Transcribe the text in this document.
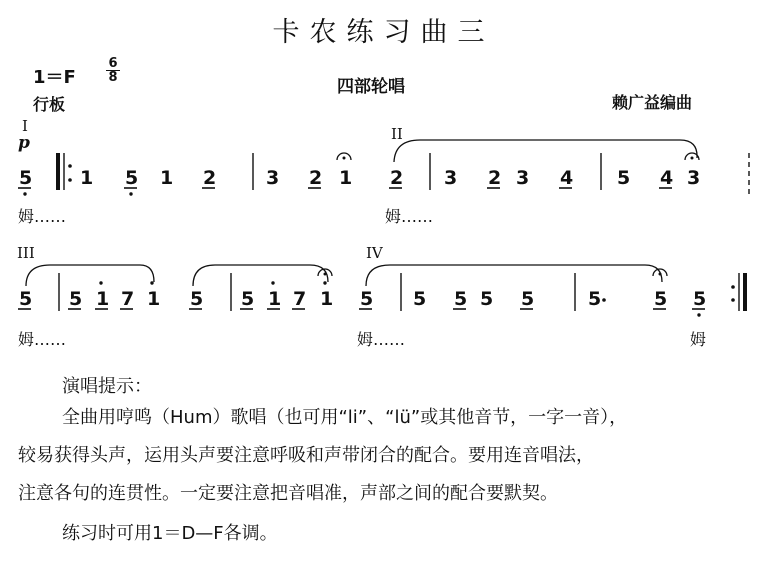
卡农练习曲三
1＝F
6
8
行板
四部轮唱
赖广益编曲
I
p	II
III	IV
姆……	姆……
姆……	姆……	姆
5	1 5 1 2	3 2 1 2 3 2 3 4 5 4 3
5 5 1 7 1 5 5 1 7 1 5 5 5 5 5	5	5 5
演唱提示：
全曲用哼鸣（Hum）歌唱（也可用“li”、“lü”或其他音节，一字一音），
较易获得头声，运用头声要注意呼吸和声带闭合的配合。要用连音唱法，
注意各句的连贯性。一定要注意把音唱准，声部之间的配合要默契。
练习时可用1＝D—F各调。
